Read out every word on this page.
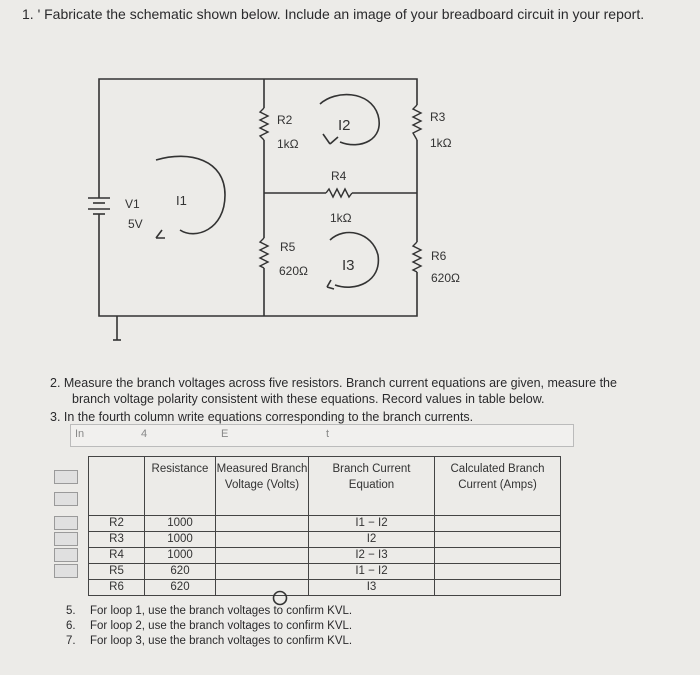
1. ' Fabricate the schematic shown below. Include an image of your breadboard circuit in your report.
V1
5V
I1
R2
1kΩ
I2
R4
1kΩ
R3
1kΩ
R5
620Ω I3
R6
620Ω
2. Measure the branch voltages across five resistors. Branch current equations are given, measure the
branch voltage polarity consistent with these equations. Record values in table below.
3. In the fourth column write equations corresponding to the branch currents.
In	4	E	t
	Resistance	Measured Branch Voltage (Volts)	Branch Current Equation	Calculated Branch Current (Amps)
R2	1000		I1 − I2	
R3	1000		I2	
R4	1000		I2 − I3	
R5	620		I1 − I2	
R6	620		I3	
5. For loop 1, use the branch voltages to confirm KVL.
6. For loop 2, use the branch voltages to confirm KVL.
7. For loop 3, use the branch voltages to confirm KVL.
